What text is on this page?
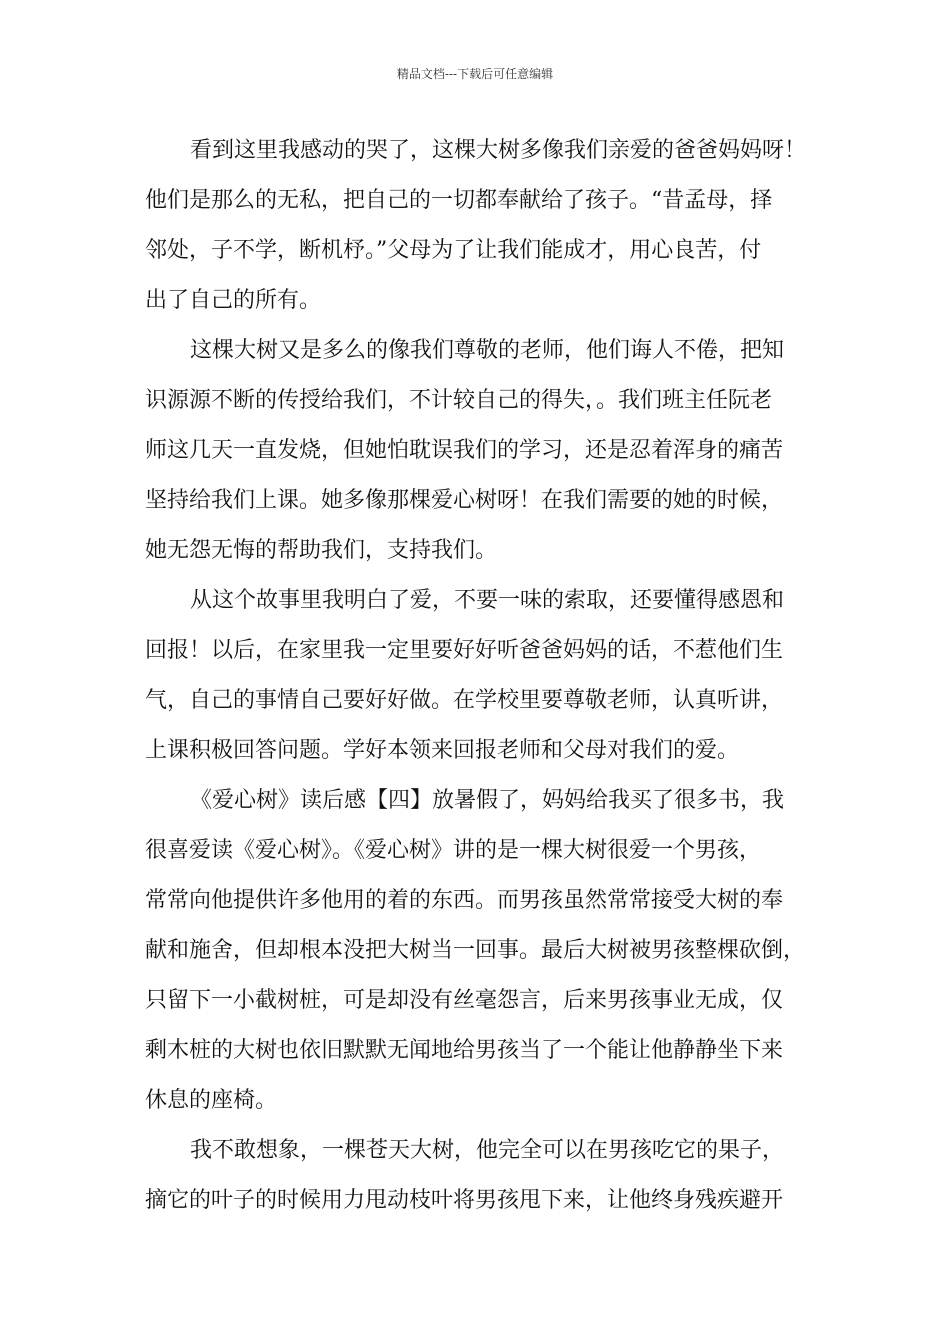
精品文档---下载后可任意编辑
看到这里我感动的哭了，这棵大树多像我们亲爱的爸爸妈妈呀！
他们是那么的无私，把自己的一切都奉献给了孩子。“昔孟母，择
邻处，子不学，断机杼。”父母为了让我们能成才，用心良苦，付
出了自己的所有。
这棵大树又是多么的像我们尊敬的老师，他们诲人不倦，把知
识源源不断的传授给我们，不计较自己的得失，。我们班主任阮老
师这几天一直发烧，但她怕耽误我们的学习，还是忍着浑身的痛苦
坚持给我们上课。她多像那棵爱心树呀！在我们需要的她的时候，
她无怨无悔的帮助我们，支持我们。
从这个故事里我明白了爱，不要一味的索取，还要懂得感恩和
回报！以后，在家里我一定里要好好听爸爸妈妈的话，不惹他们生
气，自己的事情自己要好好做。在学校里要尊敬老师，认真听讲，
上课积极回答问题。学好本领来回报老师和父母对我们的爱。
《爱心树》读后感【四】放暑假了，妈妈给我买了很多书，我
很喜爱读《爱心树》。《爱心树》讲的是一棵大树很爱一个男孩，
常常向他提供许多他用的着的东西。而男孩虽然常常接受大树的奉
献和施舍，但却根本没把大树当一回事。最后大树被男孩整棵砍倒，
只留下一小截树桩，可是却没有丝毫怨言，后来男孩事业无成，仅
剩木桩的大树也依旧默默无闻地给男孩当了一个能让他静静坐下来
休息的座椅。
我不敢想象，一棵苍天大树，他完全可以在男孩吃它的果子，
摘它的叶子的时候用力甩动枝叶将男孩甩下来，让他终身残疾避开
